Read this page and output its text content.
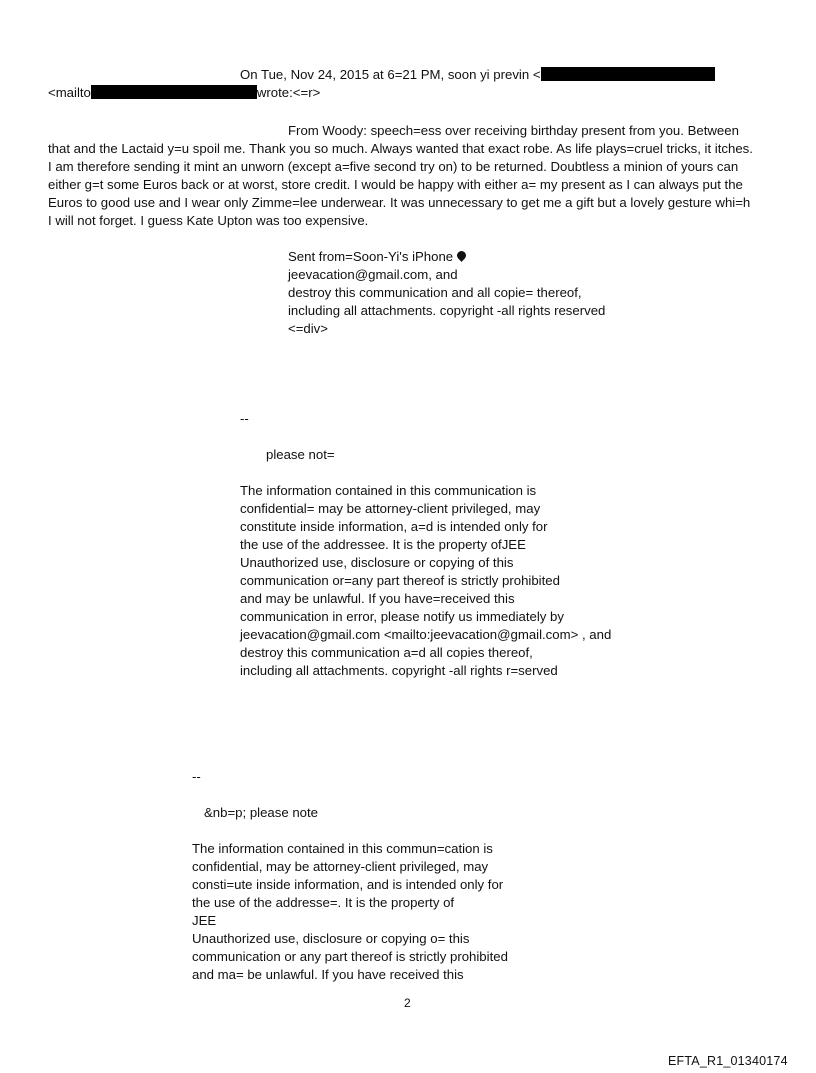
On Tue, Nov 24, 2015 at 6=21 PM, soon yi previn <
<mailto	wrote:<=r>
From Woody: speech=ess over receiving birthday present from you. Between
that and the Lactaid y=u spoil me. Thank you so much. Always wanted that exact robe. As life plays=cruel tricks, it itches.
I am therefore sending it mint an unworn (except a=five second try on) to be returned. Doubtless a minion of yours can
either g=t some Euros back or at worst, store credit. I would be happy with either a= my present as I can always put the
Euros to good use and I wear only Zimme=lee underwear. It was unnecessary to get me a gift but a lovely gesture whi=h
I will not forget. I guess Kate Upton was too expensive.
Sent from=Soon-Yi's iPhone
jeevacation@gmail.com, and
destroy this communication and all copie= thereof,
including all attachments. copyright -all rights reserved
<=div>
--
please not=
The information contained in this communication is
confidential= may be attorney-client privileged, may
constitute inside information, a=d is intended only for
the use of the addressee. It is the property ofJEE
Unauthorized use, disclosure or copying of this
communication or=any part thereof is strictly prohibited
and may be unlawful. If you have=received this
communication in error, please notify us immediately by
jeevacation@gmail.com <mailto:jeevacation@gmail.com> , and
destroy this communication a=d all copies thereof,
including all attachments. copyright -all rights r=served
--
&nb=p; please note
The information contained in this commun=cation is
confidential, may be attorney-client privileged, may
consti=ute inside information, and is intended only for
the use of the addresse=. It is the property of
JEE
Unauthorized use, disclosure or copying o= this
communication or any part thereof is strictly prohibited
and ma= be unlawful. If you have received this
2
EFTA_R1_01340174
